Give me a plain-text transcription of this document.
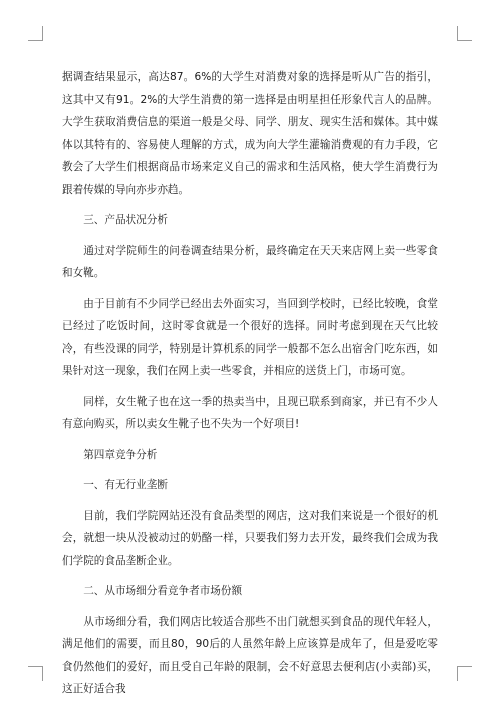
据调查结果显示，高达87。6%的大学生对消费对象的选择是听从广告的指引，这其中又有91。2%的大学生消费的第一选择是由明星担任形象代言人的品牌。大学生获取消费信息的渠道一般是父母、同学、朋友、现实生活和媒体。其中媒体以其特有的、容易使人理解的方式，成为向大学生灌输消费观的有力手段，它教会了大学生们根据商品市场来定义自己的需求和生活风格，使大学生消费行为跟着传媒的导向亦步亦趋。

三、产品状况分析

通过对学院师生的问卷调查结果分析，最终确定在天天来店网上卖一些零食和女靴。

由于目前有不少同学已经出去外面实习，当回到学校时，已经比较晚，食堂已经过了吃饭时间，这时零食就是一个很好的选择。同时考虑到现在天气比较冷，有些没课的同学，特别是计算机系的同学一般都不怎么出宿舍门吃东西，如果针对这一现象，我们在网上卖一些零食，并相应的送货上门，市场可宽。

同样，女生靴子也在这一季的热卖当中，且现已联系到商家，并已有不少人有意向购买，所以卖女生靴子也不失为一个好项目!

第四章竞争分析

一、有无行业垄断

目前，我们学院网站还没有食品类型的网店，这对我们来说是一个很好的机会，就想一块从没被动过的奶酪一样，只要我们努力去开发，最终我们会成为我们学院的食品垄断企业。

二、从市场细分看竞争者市场份额

从市场细分看，我们网店比较适合那些不出门就想买到食品的现代年轻人，满足他们的需要，而且80，90后的人虽然年龄上应该算是成年了，但是爱吃零食仍然他们的爱好，而且受自己年龄的限制，会不好意思去便利店(小卖部)买，这正好适合我
